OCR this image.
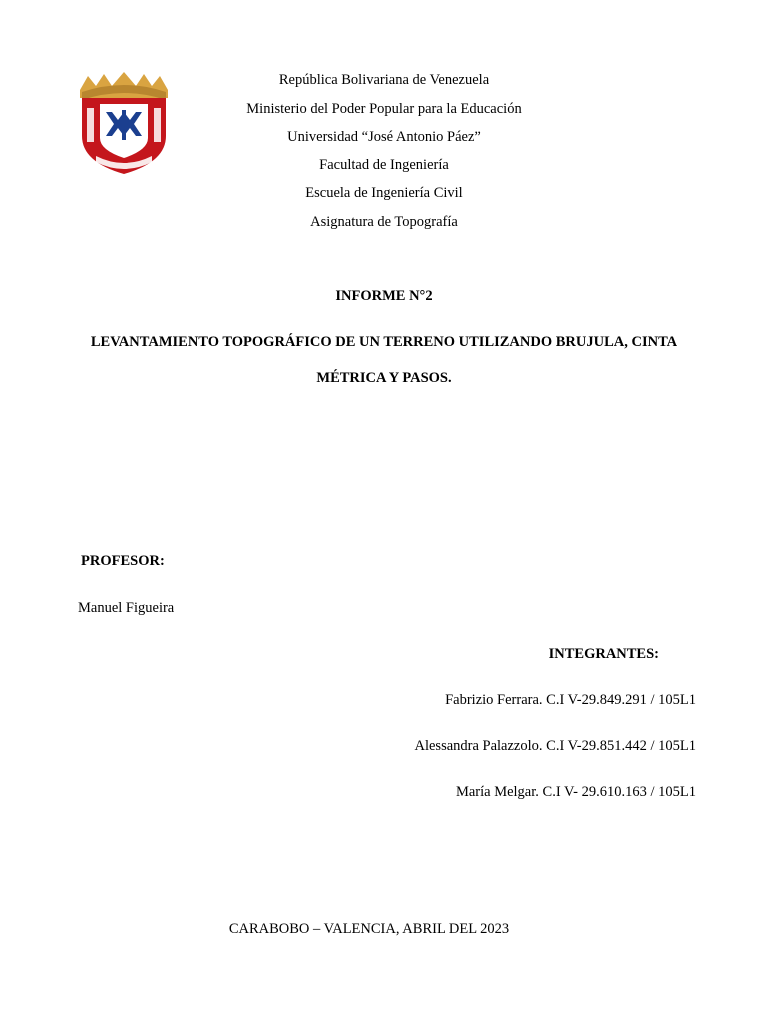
República Bolivariana de Venezuela
Ministerio del Poder Popular para la Educación
Universidad “José Antonio Páez”
Facultad de Ingeniería
Escuela de Ingeniería Civil
Asignatura de Topografía
INFORME N°2
LEVANTAMIENTO TOPOGRÁFICO DE UN TERRENO UTILIZANDO BRUJULA, CINTA
MÉTRICA Y PASOS.
PROFESOR:
Manuel Figueira
INTEGRANTES:
Fabrizio Ferrara. C.I V-29.849.291 / 105L1
Alessandra Palazzolo. C.I V-29.851.442 / 105L1
María Melgar. C.I V- 29.610.163 / 105L1
CARABOBO – VALENCIA, ABRIL DEL 2023
